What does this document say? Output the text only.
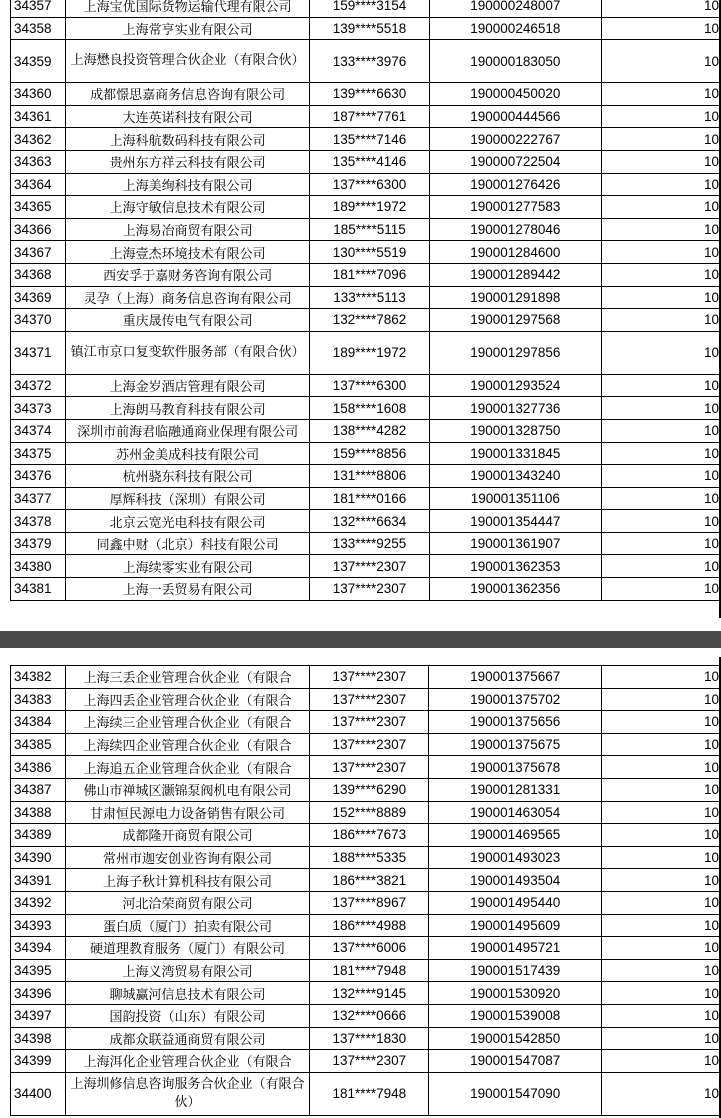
34357	上海宝优国际货物运输代理有限公司	159****3154	190000248007	10
34358	上海常亨实业有限公司	139****5518	190000246518	10
34359	上海懋良投资管理合伙企业（有限合伙）	133****3976	190000183050	10
34360	成都憬思嘉商务信息咨询有限公司	139****6630	190000450020	10
34361	大连英诺科技有限公司	187****7761	190000444566	10
34362	上海科航数码科技有限公司	135****7146	190000222767	10
34363	贵州东方祥云科技有限公司	135****4146	190000722504	10
34364	上海美绚科技有限公司	137****6300	190001276426	10
34365	上海守敏信息技术有限公司	189****1972	190001277583	10
34366	上海易冶商贸有限公司	185****5115	190001278046	10
34367	上海壹杰环境技术有限公司	130****5519	190001284600	10
34368	西安孚于嘉财务咨询有限公司	181****7096	190001289442	10
34369	灵孕（上海）商务信息咨询有限公司	133****5113	190001291898	10
34370	重庆晟传电气有限公司	132****7862	190001297568	10
34371	镇江市京口复变软件服务部（有限合伙）	189****1972	190001297856	10
34372	上海金岁酒店管理有限公司	137****6300	190001293524	10
34373	上海朗马教育科技有限公司	158****1608	190001327736	10
34374	深圳市前海君临融通商业保理有限公司	138****4282	190001328750	10
34375	苏州金美成科技有限公司	159****8856	190001331845	10
34376	杭州骁东科技有限公司	131****8806	190001343240	10
34377	厚辉科技（深圳）有限公司	181****0166	190001351106	10
34378	北京云宽光电科技有限公司	132****6634	190001354447	10
34379	同鑫中财（北京）科技有限公司	133****9255	190001361907	10
34380	上海续零实业有限公司	137****2307	190001362353	10
34381	上海一丢贸易有限公司	137****2307	190001362356	10
34382	上海三丢企业管理合伙企业（有限合	137****2307	190001375667	10
34383	上海四丢企业管理合伙企业（有限合	137****2307	190001375702	10
34384	上海续三企业管理合伙企业（有限合	137****2307	190001375656	10
34385	上海续四企业管理合伙企业（有限合	137****2307	190001375675	10
34386	上海追五企业管理合伙企业（有限合	137****2307	190001375678	10
34387	佛山市禅城区灏锦泵阀机电有限公司	139****6290	190001281331	10
34388	甘肃恒民源电力设备销售有限公司	152****8889	190001463054	10
34389	成都隆开商贸有限公司	186****7673	190001469565	10
34390	常州市迦安创业咨询有限公司	188****5335	190001493023	10
34391	上海子秋计算机科技有限公司	186****3821	190001493504	10
34392	河北洽荣商贸有限公司	137****8967	190001495440	10
34393	蛋白质（厦门）拍卖有限公司	186****4988	190001495609	10
34394	硬道理教育服务（厦门）有限公司	137****6006	190001495721	10
34395	上海义湾贸易有限公司	181****7948	190001517439	10
34396	聊城赢河信息技术有限公司	132****9145	190001530920	10
34397	国韵投资（山东）有限公司	132****0666	190001539008	10
34398	成都众联益通商贸有限公司	137****1830	190001542850	10
34399	上海洱化企业管理合伙企业（有限合	137****2307	190001547087	10
34400	上海圳修信息咨询服务合伙企业（有限合伙）	181****7948	190001547090	10
